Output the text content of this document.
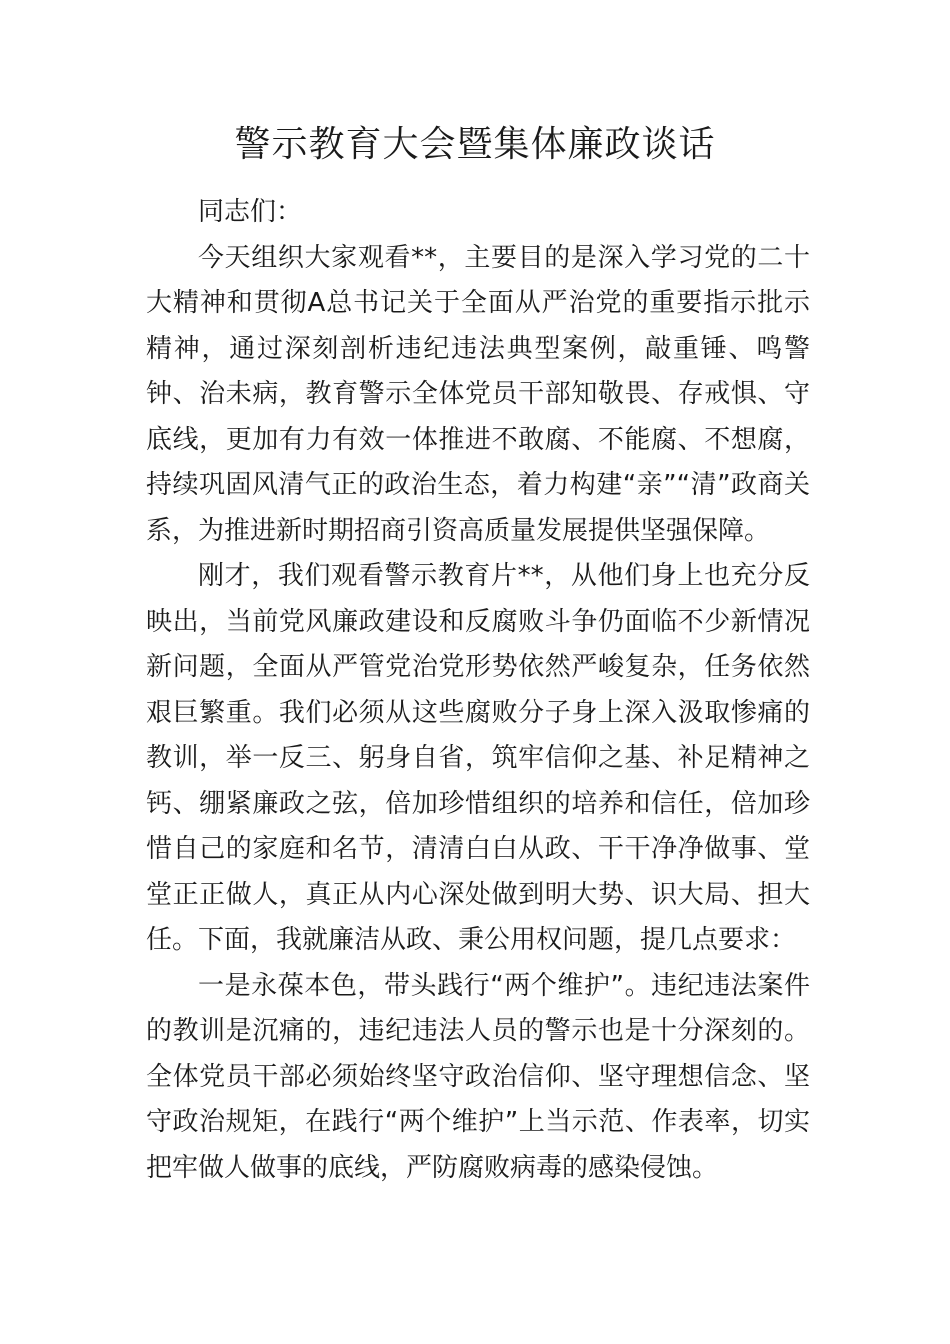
警示教育大会暨集体廉政谈话

同志们：

今天组织大家观看**，主要目的是深入学习党的二十大精神和贯彻A总书记关于全面从严治党的重要指示批示精神，通过深刻剖析违纪违法典型案例，敲重锤、鸣警钟、治未病，教育警示全体党员干部知敬畏、存戒惧、守底线，更加有力有效一体推进不敢腐、不能腐、不想腐，持续巩固风清气正的政治生态，着力构建“亲”“清”政商关系，为推进新时期招商引资高质量发展提供坚强保障。

刚才，我们观看警示教育片**，从他们身上也充分反映出，当前党风廉政建设和反腐败斗争仍面临不少新情况新问题，全面从严管党治党形势依然严峻复杂，任务依然艰巨繁重。我们必须从这些腐败分子身上深入汲取惨痛的教训，举一反三、躬身自省，筑牢信仰之基、补足精神之钙、绷紧廉政之弦，倍加珍惜组织的培养和信任，倍加珍惜自己的家庭和名节，清清白白从政、干干净净做事、堂堂正正做人，真正从内心深处做到明大势、识大局、担大任。下面，我就廉洁从政、秉公用权问题，提几点要求：

一是永葆本色，带头践行“两个维护”。违纪违法案件的教训是沉痛的，违纪违法人员的警示也是十分深刻的。全体党员干部必须始终坚守政治信仰、坚守理想信念、坚守政治规矩，在践行“两个维护”上当示范、作表率，切实把牢做人做事的底线，严防腐败病毒的感染侵蚀。
